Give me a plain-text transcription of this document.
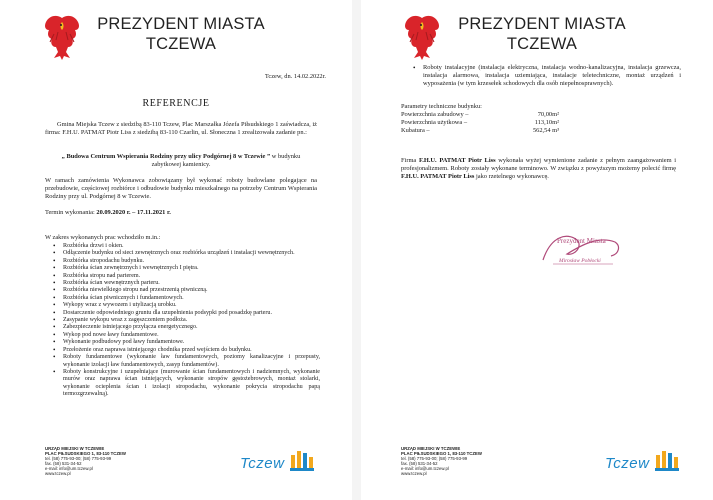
PREZYDENT MIASTA
TCZEWA
Tczew, dn. 14.02.2022r.
REFERENCJE
Gmina Miejska Tczew z siedzibą 83-110 Tczew, Plac Marszałka Józefa Piłsudskiego 1 zaświadcza, iż firma: F.H.U. PATMAT Piotr Liss z siedzibą 83-110 Czarlin, ul. Słoneczna 1 zrealizowała zadanie pn.:
„ Budowa Centrum Wspierania Rodziny przy ulicy Podgórnej 8 w Tczewie ” w budynku zabytkowej kamienicy.
W ramach zamówienia Wykonawca zobowiązany był wykonać roboty budowlane polegające na przebudowie, częściowej rozbiórce i odbudowie budynku mieszkalnego na potrzeby Centrum Wspierania Rodziny przy ul. Podgórnej 8 w Tczewie.
Termin wykonania: 20.09.2020 r. – 17.11.2021 r.
W zakres wykonanych prac wchodziło m.in.:
• Rozbiórka drzwi i okien.
• Odłączenie budynku od sieci zewnętrznych oraz rozbiórka urządzeń i instalacji wewnętrznych.
• Rozbiórka stropodachu budynku.
• Rozbiórka ścian zewnętrznych i wewnętrznych I piętra.
• Rozbiórka stropu nad parterem.
• Rozbiórka ścian wewnętrznych parteru.
• Rozbiórka niewielkiego stropu nad przestrzenią piwniczną.
• Rozbiórka ścian piwnicznych i fundamentowych.
• Wykopy wraz z wywozem i utylizacją urobku.
• Dostarczenie odpowiedniego gruntu dla uzupełnienia podsypki pod posadzkę parteru.
• Zasypanie wykopu wraz z zagęszczeniem podłoża.
• Zabezpieczenie istniejącego przyłącza energetycznego.
• Wykop pod nowe ławy fundamentowe.
• Wykonanie podbudowy pod ławy fundamentowe.
• Przełożenie oraz naprawa istniejącego chodnika przed wejściem do budynku.
• Roboty fundamentowe (wykonanie ław fundamentowych, poziomy kanalizacyjne i przepusty, wykonanie izolacji ław fundamentowych, zasyp fundamentów).
• Roboty konstrukcyjne i uzupełniające (murowanie ścian fundamentowych i nadziemnych, wykonanie murów oraz naprawa ścian istniejących, wykonanie stropów gęstożebrowych, montaż stolarki, wykonanie ocieplenia ścian i izolacji stropodachu, wykonanie pokrycia stropodachu papą termozgrzewalną).
URZĄD MIEJSKI W TCZEWIE
PLAC PIŁSUDSKIEGO 1, 83-110 TCZEW
tel. (58) 775-93-00; (58) 775-93-99
fax. (58) 531-34-52
e-mail: info@um.tczew.pl
www.tczew.pl
Tczew
PREZYDENT MIASTA
TCZEWA
• Roboty instalacyjne (instalacja elektryczna, instalacja wodno-kanalizacyjna, instalacja grzewcza, instalacja alarmowa, instalacja uziemiająca, instalacje teletechniczne, montaż urządzeń i wyposażenia (w tym krzesełek schodowych dla osób niepełnosprawnych).
Parametry techniczne budynku:
Powierzchnia zabudowy –	70,00m²
Powierzchnia użytkowa –	113,10m²
Kubatura –	562,54 m³
Firma F.H.U. PATMAT Piotr Liss wykonała wyżej wymienione zadanie z pełnym zaangażowaniem i profesjonalizmem. Roboty zostały wykonane terminowo. W związku z powyższym możemy polecić firmę F.H.U. PATMAT Piotr Liss jako rzetelnego wykonawcę.
Prezydent Miasta
Mirosław Pobłocki
URZĄD MIEJSKI W TCZEWIE
PLAC PIŁSUDSKIEGO 1, 83-110 TCZEW
tel. (58) 775-93-00; (58) 775-93-99
fax. (58) 531-34-52
e-mail: info@um.tczew.pl
www.tczew.pl
Tczew
